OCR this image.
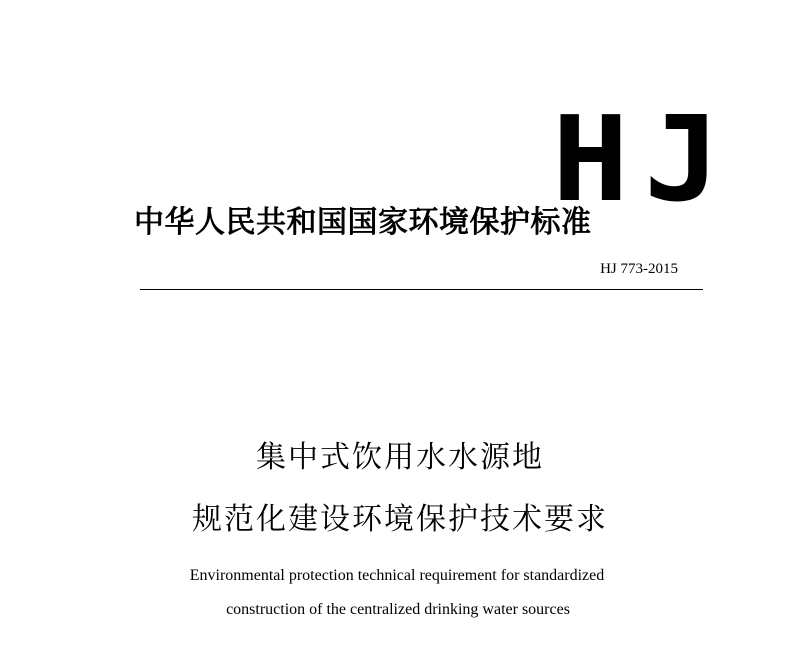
HJ
中华人民共和国国家环境保护标准
HJ 773-2015
集中式饮用水水源地
规范化建设环境保护技术要求
Environmental protection technical requirement for standardized
construction of the centralized drinking water sources
